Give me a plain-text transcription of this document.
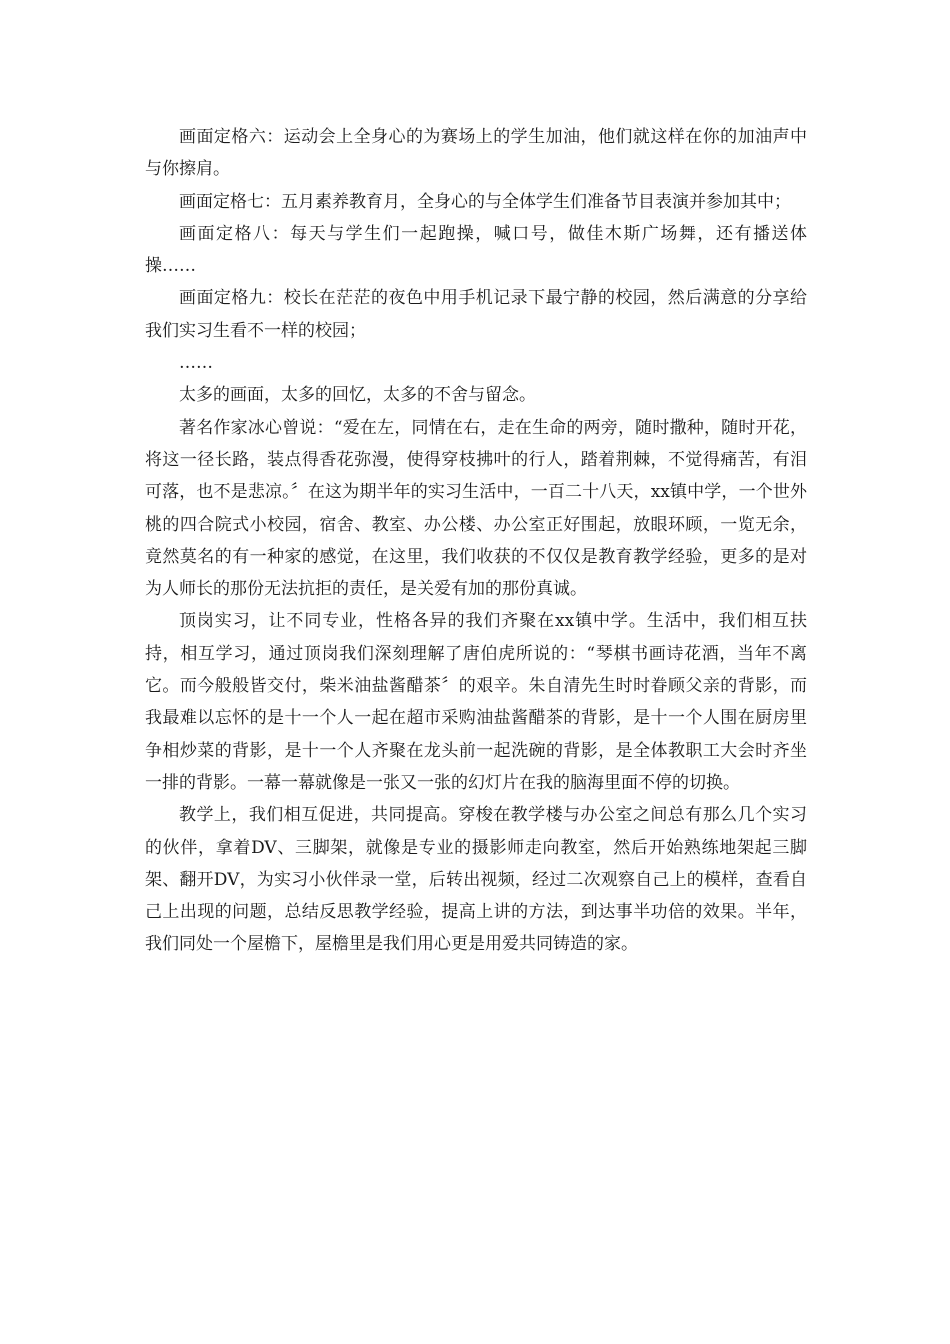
画面定格六：运动会上全身心的为赛场上的学生加油，他们就这样在你的加油声中与你擦肩。

画面定格七：五月素养教育月，全身心的与全体学生们准备节目表演并参加其中；

画面定格八：每天与学生们一起跑操，喊口号，做佳木斯广场舞，还有播送体操……

画面定格九：校长在茫茫的夜色中用手机记录下最宁静的校园，然后满意的分享给我们实习生看不一样的校园；

……

太多的画面，太多的回忆，太多的不舍与留念。

著名作家冰心曾说：“爱在左，同情在右，走在生命的两旁，随时撒种，随时开花，将这一径长路，装点得香花弥漫，使得穿枝拂叶的行人，踏着荆棘，不觉得痛苦，有泪可落，也不是悲凉。〞在这为期半年的实习生活中，一百二十八天，xx镇中学，一个世外桃的四合院式小校园，宿舍、教室、办公楼、办公室正好围起，放眼环顾，一览无余，竟然莫名的有一种家的感觉，在这里，我们收获的不仅仅是教育教学经验，更多的是对为人师长的那份无法抗拒的责任，是关爱有加的那份真诚。

顶岗实习，让不同专业，性格各异的我们齐聚在xx镇中学。生活中，我们相互扶持，相互学习，通过顶岗我们深刻理解了唐伯虎所说的：“琴棋书画诗花酒，当年不离它。而今般般皆交付，柴米油盐酱醋茶〞的艰辛。朱自清先生时时眷顾父亲的背影，而我最难以忘怀的是十一个人一起在超市采购油盐酱醋茶的背影，是十一个人围在厨房里争相炒菜的背影，是十一个人齐聚在龙头前一起洗碗的背影，是全体教职工大会时齐坐一排的背影。一幕一幕就像是一张又一张的幻灯片在我的脑海里面不停的切换。

教学上，我们相互促进，共同提高。穿梭在教学楼与办公室之间总有那么几个实习的伙伴，拿着DV、三脚架，就像是专业的摄影师走向教室，然后开始熟练地架起三脚架、翻开DV，为实习小伙伴录一堂，后转出视频，经过二次观察自己上的模样，查看自己上出现的问题，总结反思教学经验，提高上讲的方法，到达事半功倍的效果。半年，我们同处一个屋檐下，屋檐里是我们用心更是用爱共同铸造的家。
